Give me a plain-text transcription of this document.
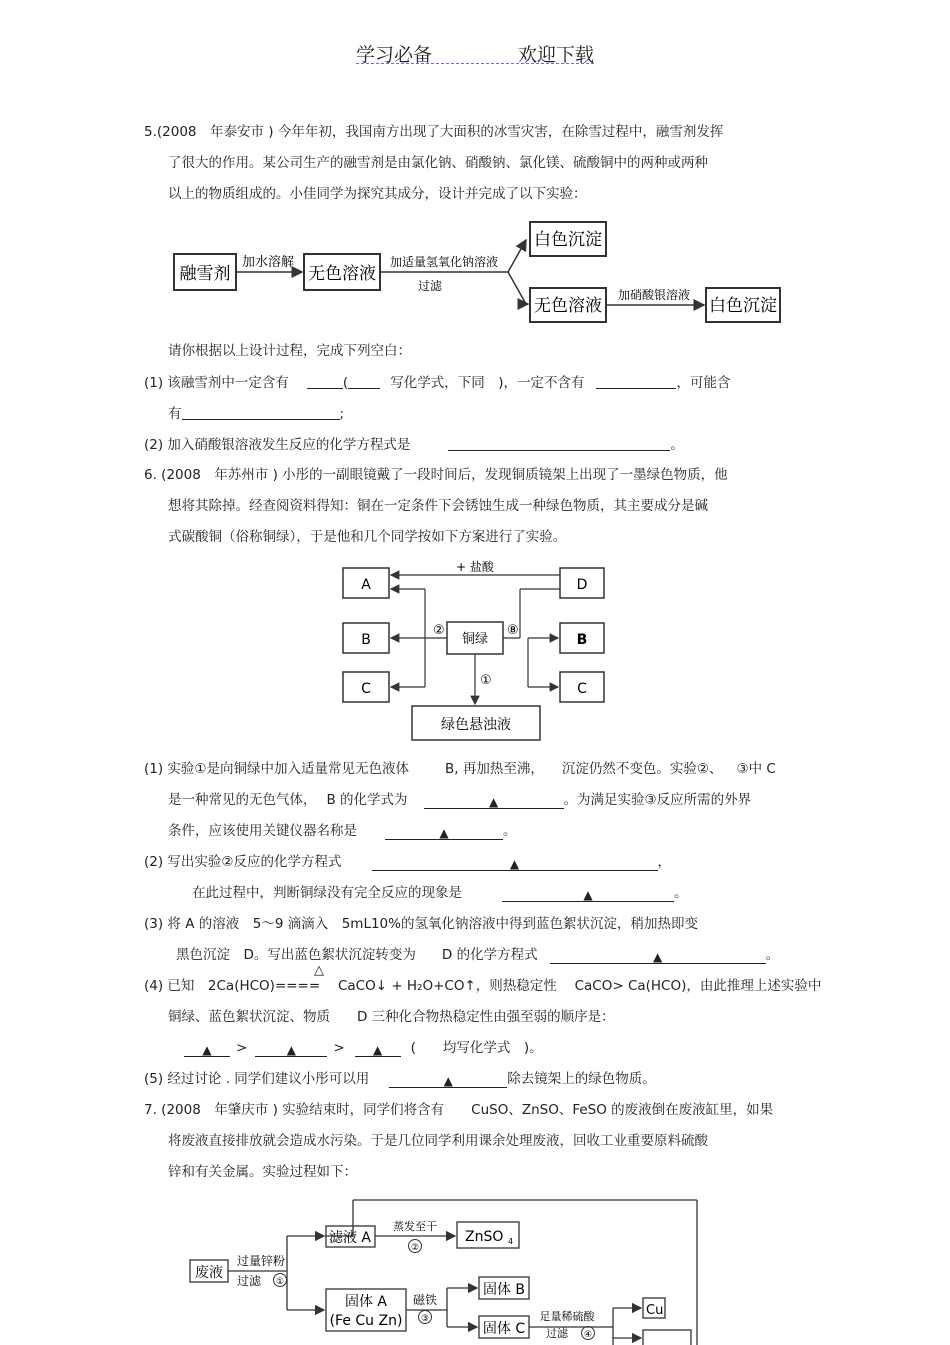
学习必备	欢迎下载
5.(2008　年泰安市 ) 今年年初，我国南方出现了大面积的冰雪灾害，在除雪过程中，融雪剂发挥
了很大的作用。某公司生产的融雪剂是由氯化钠、硝酸钠、氯化镁、硫酸铜中的两种或两种
以上的物质组成的。小佳同学为探究其成分，设计并完成了以下实验：
融雪剂
加水溶解
无色溶液
加适量氢氧化钠溶液
过滤
白色沉淀
无色溶液
加硝酸银溶液
白色沉淀
请你根据以上设计过程，完成下列空白：
(1) 该融雪剂中一定含有	(	写化学式，下同　)，一定不含有	，可能含
有	;
(2) 加入硝酸银溶液发生反应的化学方程式是	。
6. (2008　年苏州市 ) 小彤的一副眼镜戴了一段时间后，发现铜质镜架上出现了一墨绿色物质，他
想将其除掉。经查阅资料得知：铜在一定条件下会锈蚀生成一种绿色物质，其主要成分是碱
式碳酸铜（俗称铜绿），于是他和几个同学按如下方案进行了实验。
A
B
C
D
B
C
铜绿
绿色悬浊液
+ 盐酸
②	⑧
①
(1) 实验①是向铜绿中加入适量常见无色液体	B, 再加热至沸， 沉淀仍然不变色。实验②、 ③中 C
是一种常见的无色气体， B 的化学式为	▲	。为满足实验③反应所需的外界
条件，应该使用关键仪器名称是	▲	。
(2) 写出实验②反应的化学方程式	▲	，
在此过程中，判断铜绿没有完全反应的现象是	▲	。
(3) 将 A 的溶液　5～9 滴滴入　5mL10%的氢氧化钠溶液中得到蓝色絮状沉淀，稍加热即变
黑色沉淀　D。写出蓝色絮状沉淀转变为 D 的化学方程式	▲	。
△
(4) 已知　2Ca(HCO)==== 　CaCO↓ + H₂O+CO↑，则热稳定性　 CaCO> Ca(HCO)，由此推理上述实验中
铜绿、蓝色絮状沉淀、物质　　D 三种化合物热稳定性由强至弱的顺序是：
▲ >	▲	> ▲ (　　均写化学式　)。
(5) 经过讨论 . 同学们建议小彤可以用	▲	除去镜架上的绿色物质。
7. (2008　年肇庆市 ) 实验结束时，同学们将含有　　CuSO、ZnSO、FeSO 的废液倒在废液缸里，如果
将废液直接排放就会造成水污染。于是几位同学利用课余处理废液，回收工业重要原料硫酸
锌和有关金属。实验过程如下：
废液
过量锌粉
过滤 ①
滤液 A
蒸发至干
②
ZnSO 4
固体 A
(Fe Cu Zn)
磁铁
③
固体 B
固体 C
足量稀硫酸
过滤 ④
Cu
